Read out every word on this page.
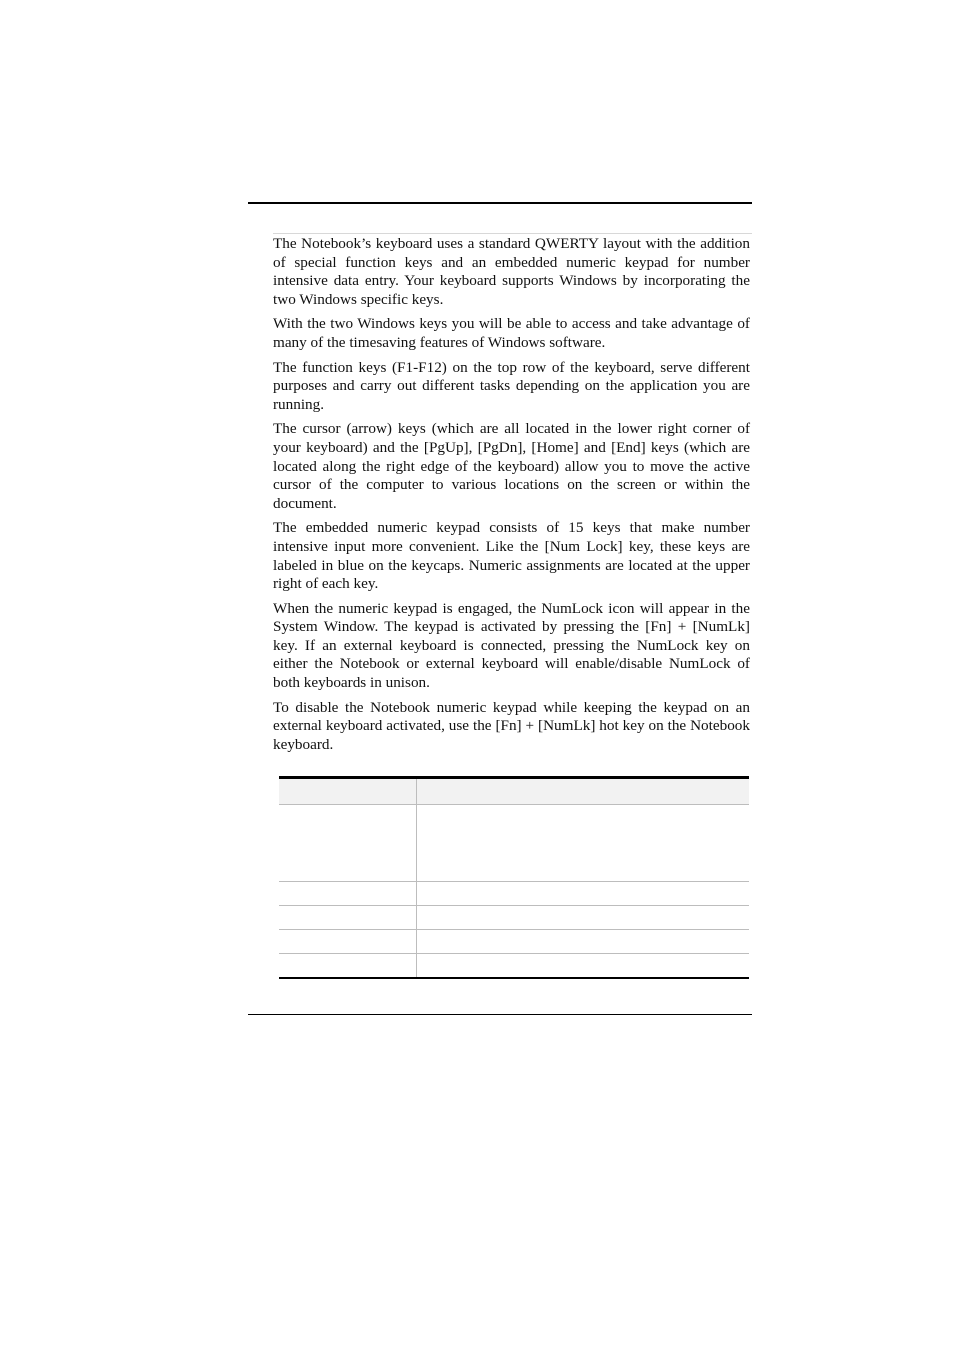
The Notebook’s keyboard uses a standard QWERTY layout with the addition of special function keys and an embedded numeric keypad for number intensive data entry. Your keyboard supports Windows by incorporating the two Windows specific keys.

With the two Windows keys you will be able to access and take advantage of many of the timesaving features of Windows software.

The function keys (F1-F12) on the top row of the keyboard, serve different purposes and carry out different tasks depending on the application you are running.

The cursor (arrow) keys (which are all located in the lower right corner of your keyboard) and the [PgUp], [PgDn], [Home] and [End] keys (which are located along the right edge of the keyboard) allow you to move the active cursor of the computer to various locations on the screen or within the document.

The embedded numeric keypad consists of 15 keys that make number intensive input more convenient. Like the [Num Lock] key, these keys are labeled in blue on the keycaps. Numeric assignments are located at the upper right of each key.

When the numeric keypad is engaged, the NumLock icon will appear in the System Window. The keypad is activated by pressing the [Fn] + [NumLk] key. If an external keyboard is connected, pressing the NumLock key on either the Notebook or external keyboard will enable/disable NumLock of both keyboards in unison.

To disable the Notebook numeric keypad while keeping the keypad on an external keyboard activated, use the [Fn] + [NumLk] hot key on the Notebook keyboard.
